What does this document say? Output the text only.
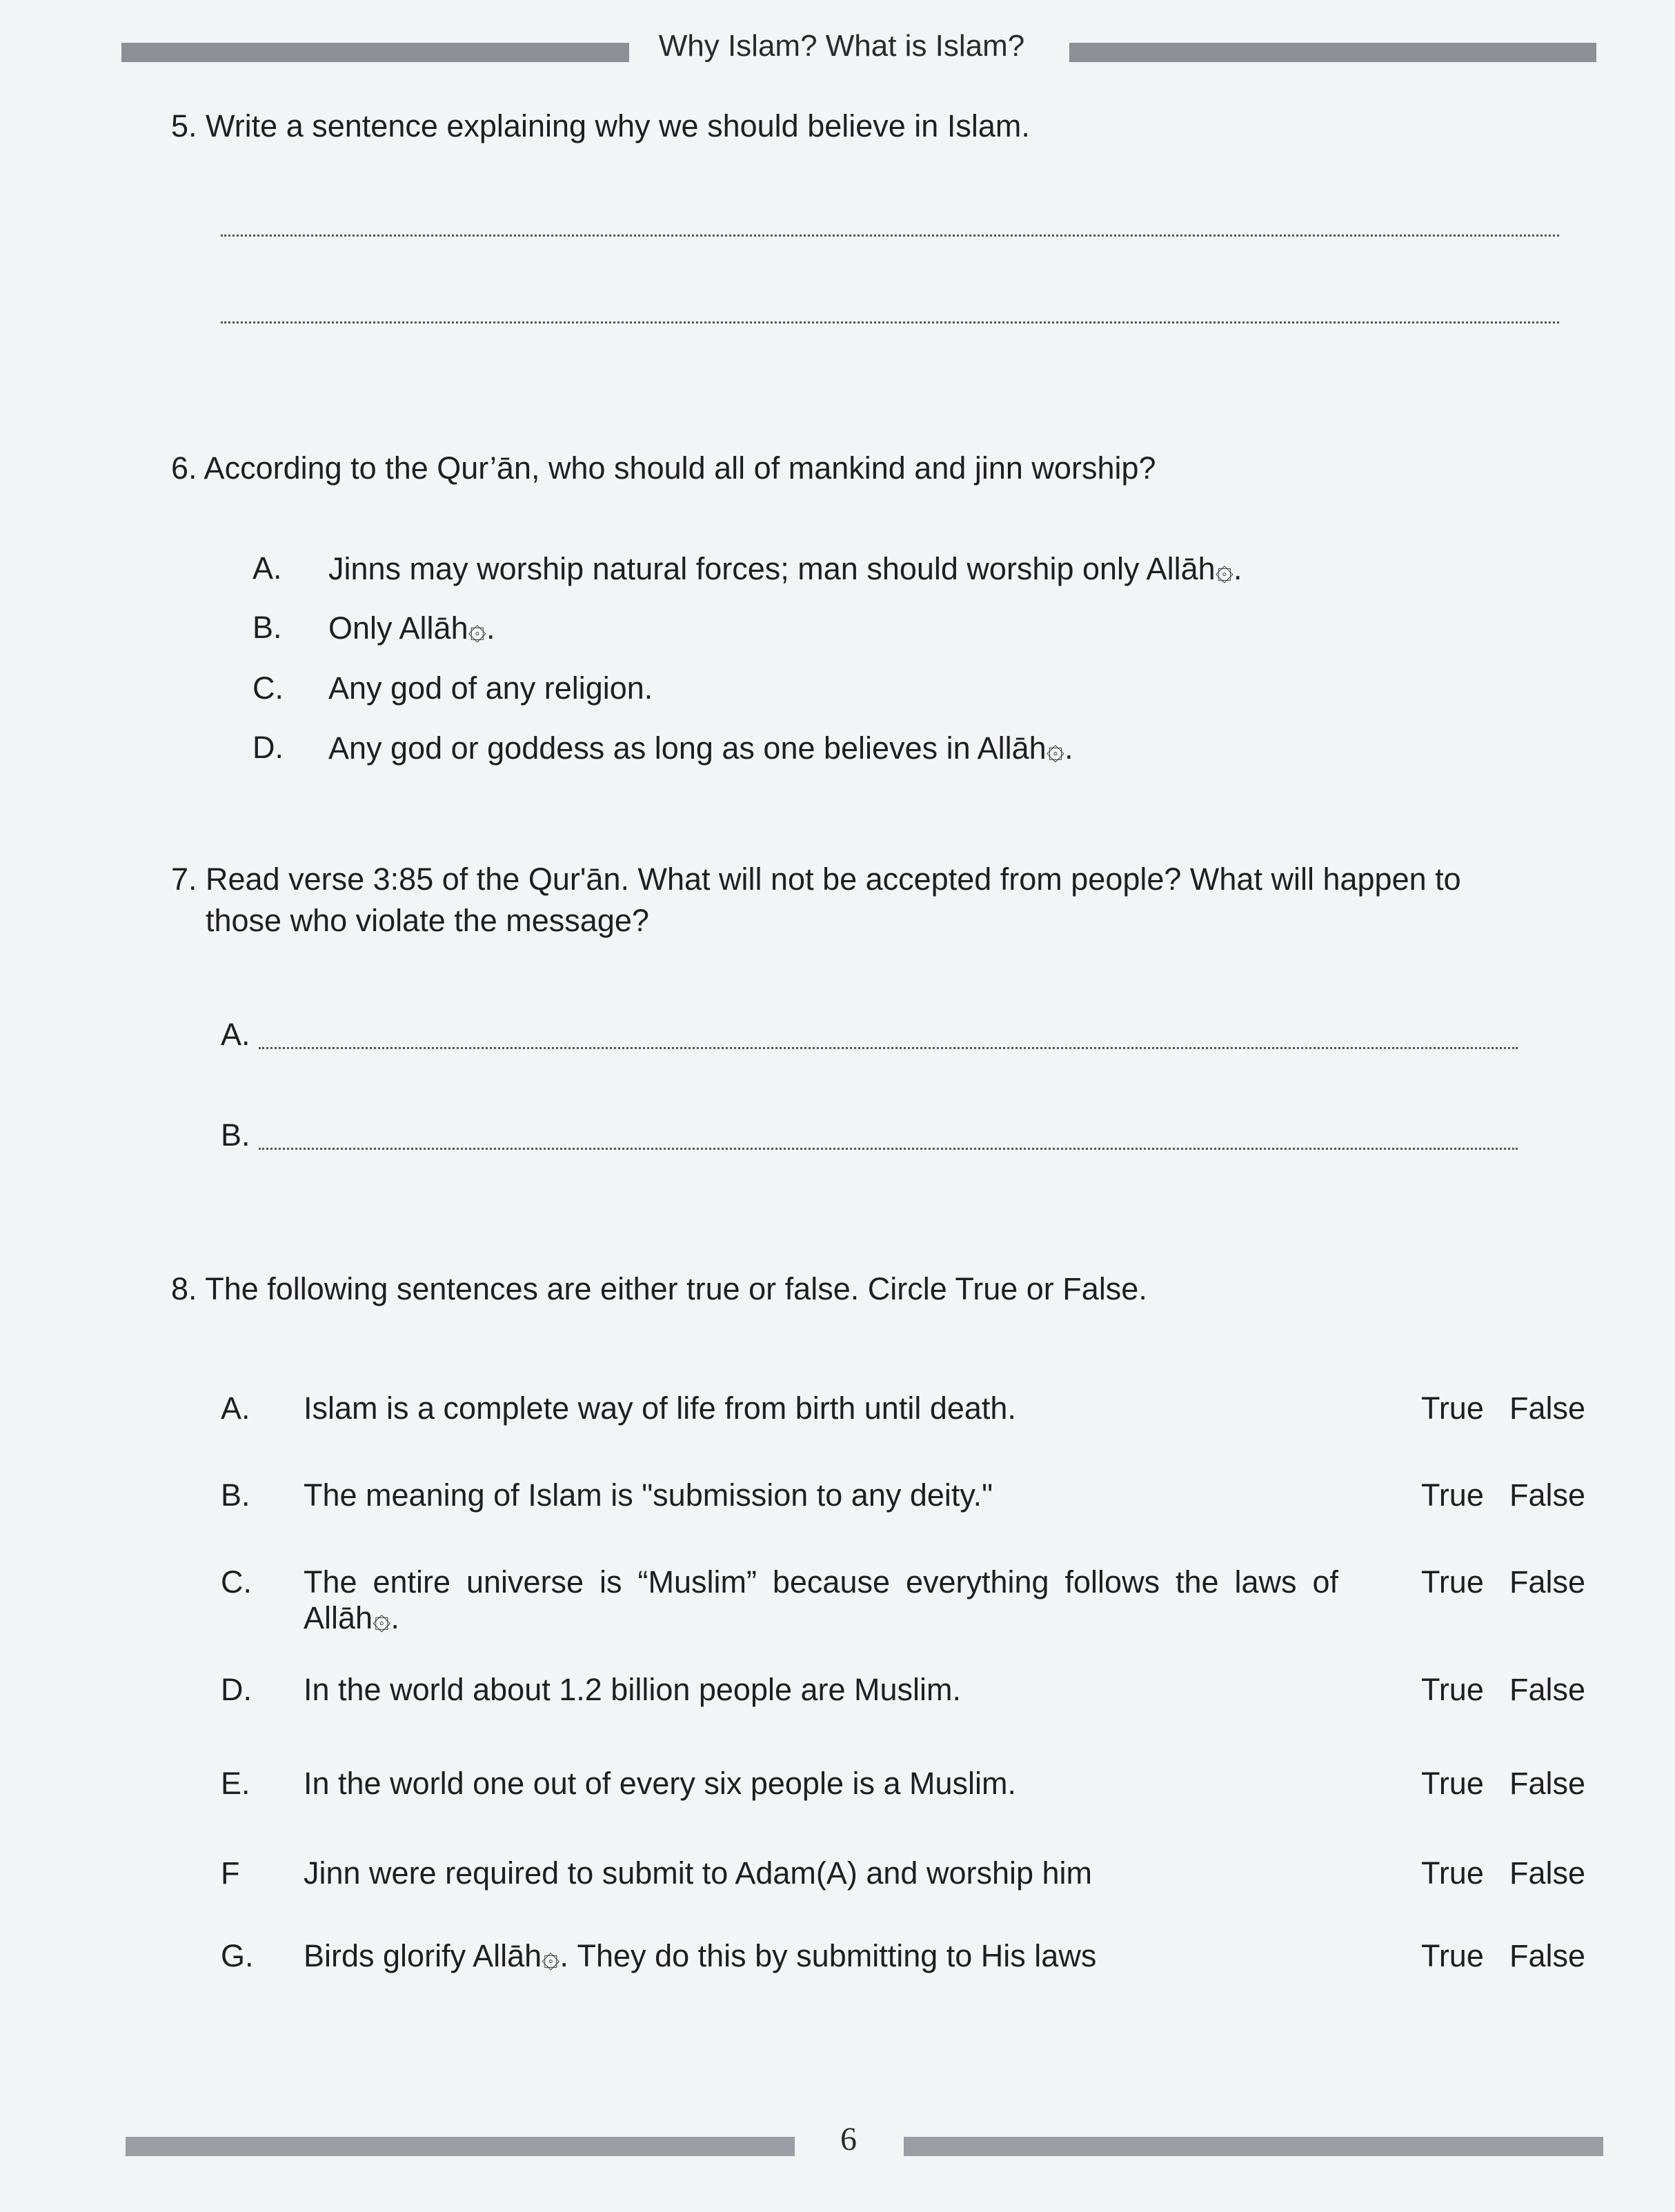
Why Islam? What is Islam?
5. Write a sentence explaining why we should believe in Islam.
6. According to the Qur’ān, who should all of mankind and jinn worship?
A. Jinns may worship natural forces; man should worship only Allāh۞.
B. Only Allāh۞.
C. Any god of any religion.
D. Any god or goddess as long as one believes in Allāh۞.
7. Read verse 3:85 of the Qur'ān. What will not be accepted from people? What will happen to
those who violate the message?
A.
B.
8. The following sentences are either true or false. Circle True or False.
A. Islam is a complete way of life from birth until death.	True False
B. The meaning of Islam is "submission to any deity."	True False
C. The entire universe is “Muslim” because everything follows the laws of Allāh۞.
True False
D. In the world about 1.2 billion people are Muslim.	True False
E. In the world one out of every six people is a Muslim.	True False
F Jinn were required to submit to Adam(A) and worship him	True False
G. Birds glorify Allāh۞. They do this by submitting to His laws	True False
6
